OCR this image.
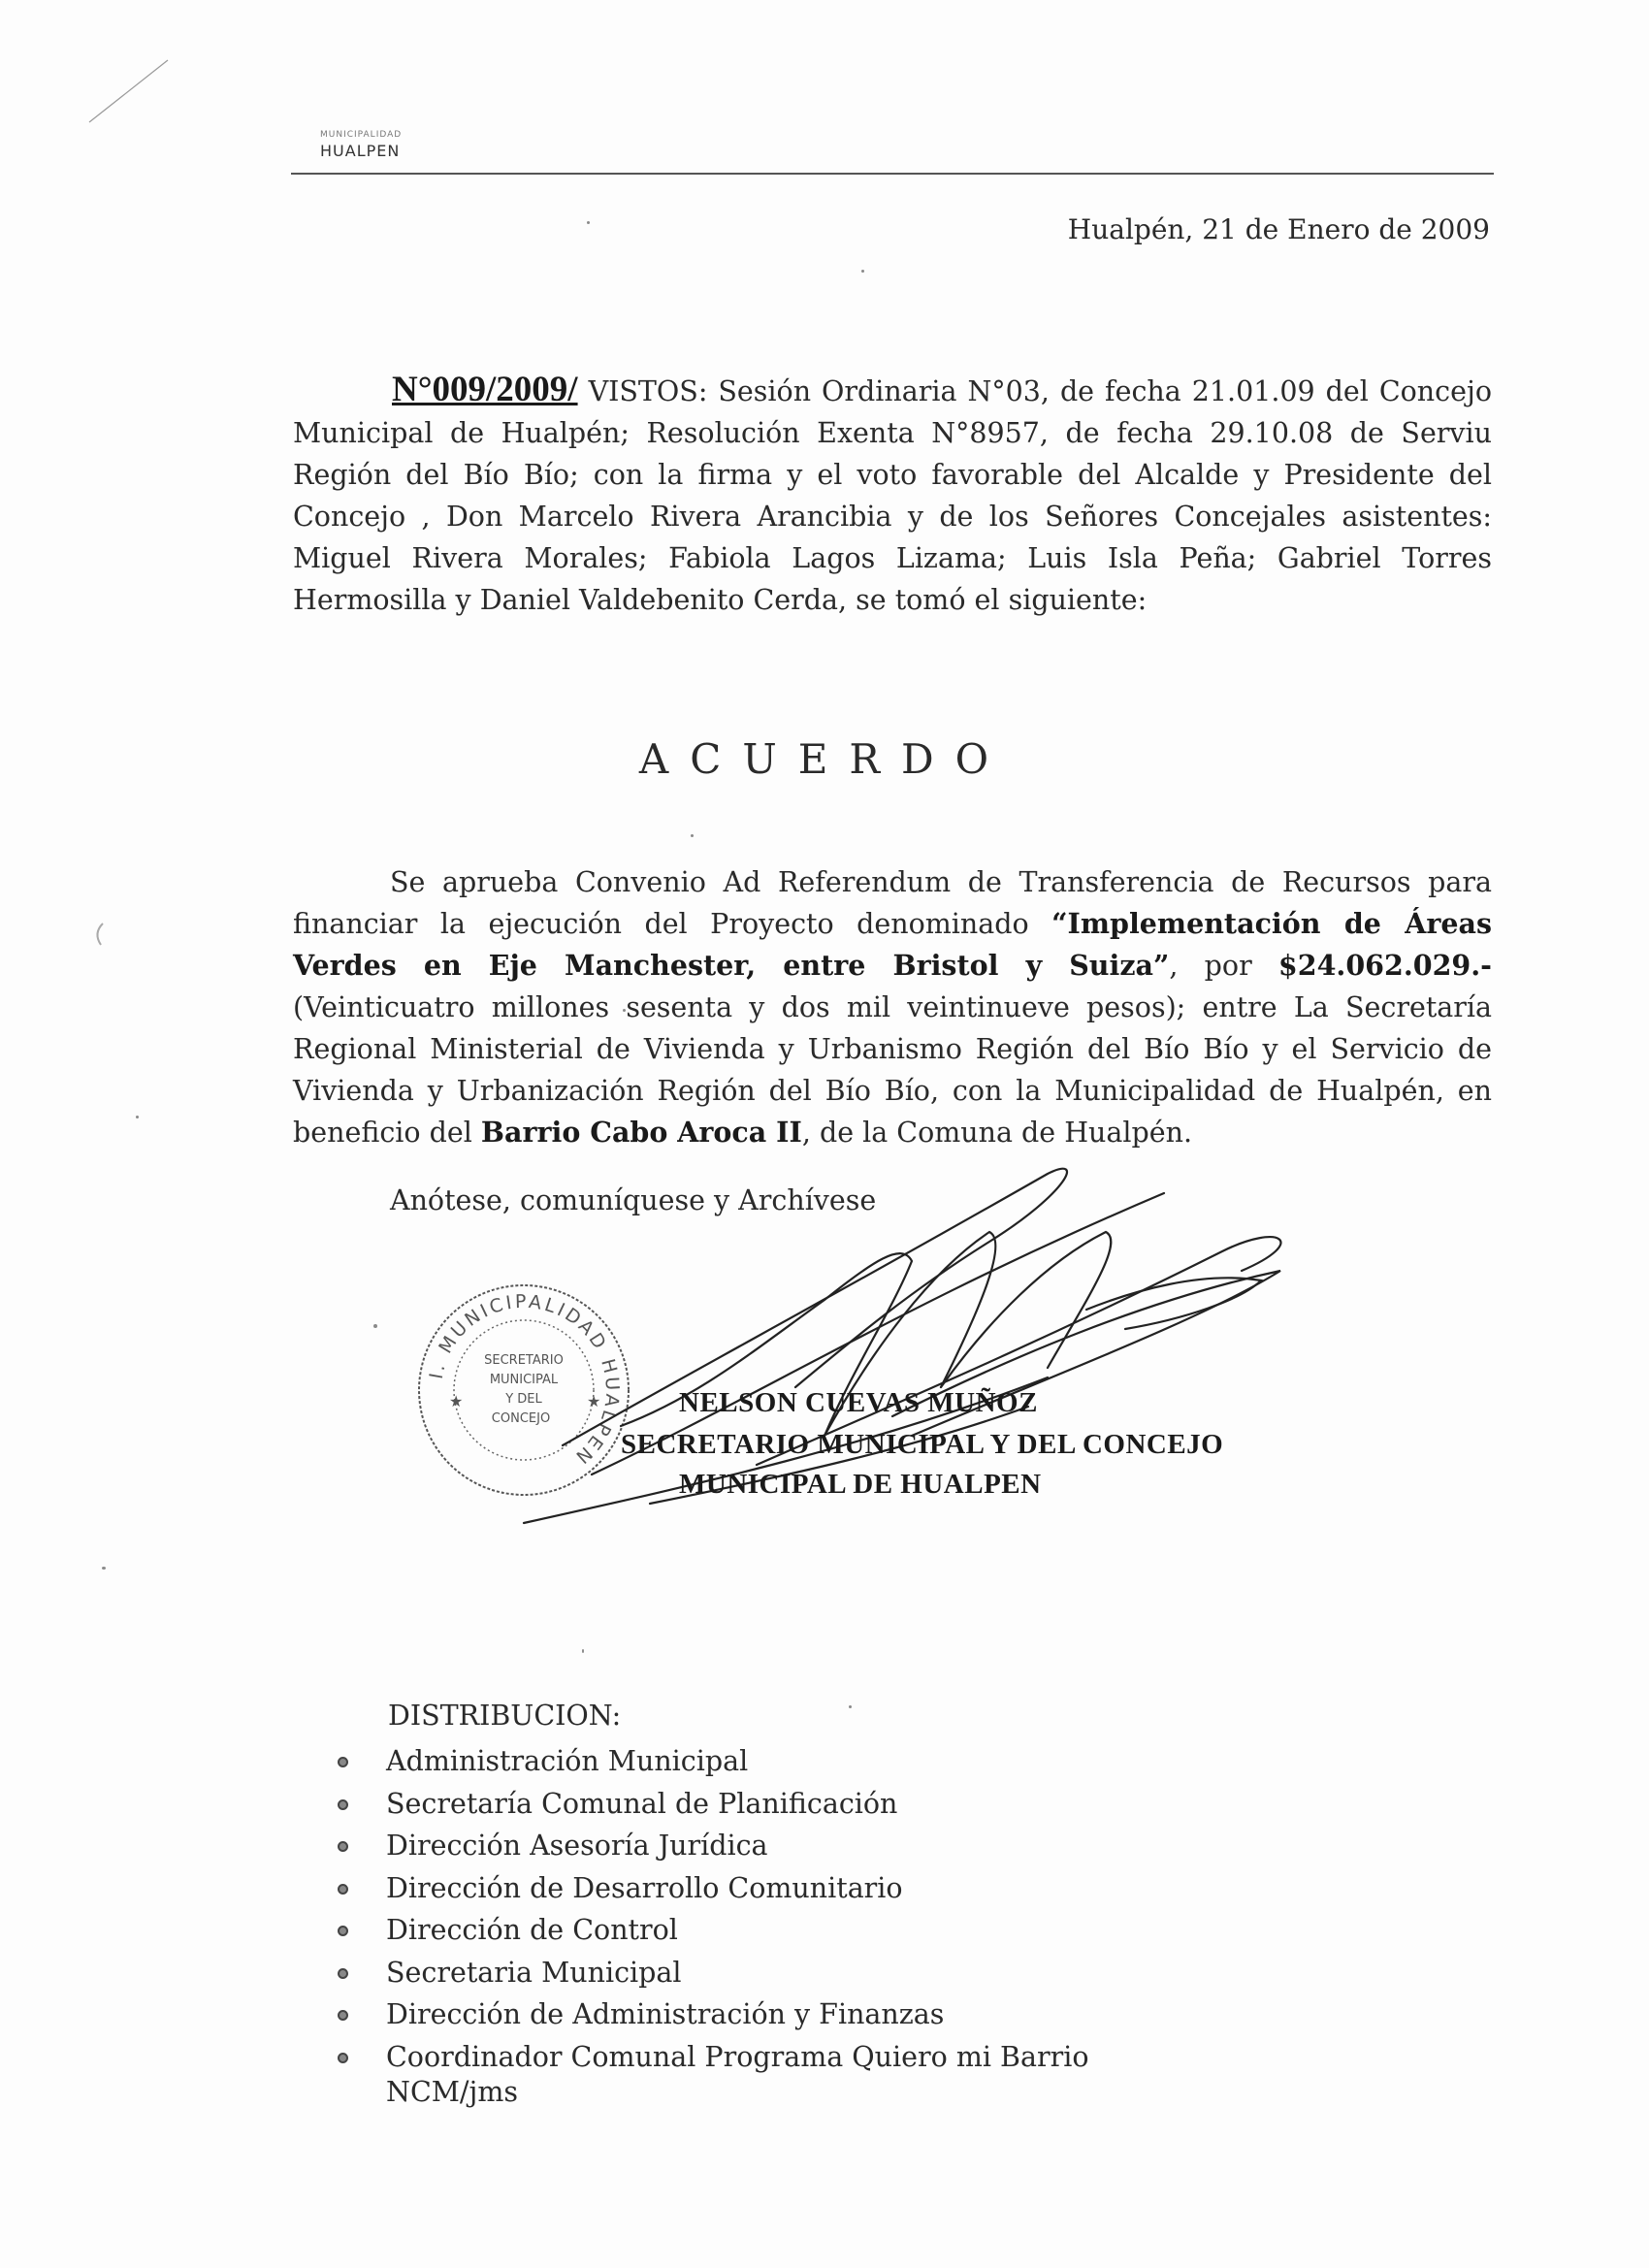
MUNICIPALIDAD
HUALPEN
Hualpén, 21 de Enero de 2009
N°009/2009/ VISTOS: Sesión Ordinaria N°03, de fecha 21.01.09 del Concejo Municipal de Hualpén; Resolución Exenta N°8957, de fecha 29.10.08 de Serviu Región del Bío Bío; con la firma y el voto favorable del Alcalde y Presidente del Concejo , Don Marcelo Rivera Arancibia y de los Señores Concejales asistentes: Miguel Rivera Morales; Fabiola Lagos Lizama; Luis Isla Peña; Gabriel Torres Hermosilla y Daniel Valdebenito Cerda, se tomó el siguiente:
ACUERDO
Se aprueba Convenio Ad Referendum de Transferencia de Recursos para financiar la ejecución del Proyecto denominado “Implementación de Áreas Verdes en Eje Manchester, entre Bristol y Suiza”, por $24.062.029.- (Veinticuatro millones sesenta y dos mil veintinueve pesos); entre La Secretaría Regional Ministerial de Vivienda y Urbanismo Región del Bío Bío y el Servicio de Vivienda y Urbanización Región del Bío Bío, con la Municipalidad de Hualpén, en beneficio del Barrio Cabo Aroca II, de la Comuna de Hualpén.
Anótese, comuníquese y Archívese
I. MUNICIPALIDAD HUALPEN
SECRETARIO
MUNICIPAL
Y DEL
CONCEJO
★	★	NELSON CUEVAS MUÑOZ
SECRETARIO MUNICIPAL Y DEL CONCEJO
MUNICIPAL DE HUALPEN
DISTRIBUCION:
Administración Municipal
Secretaría Comunal de Planificación
Dirección Asesoría Jurídica
Dirección de Desarrollo Comunitario
Dirección de Control
Secretaria Municipal
Dirección de Administración y Finanzas
Coordinador Comunal Programa Quiero mi Barrio
NCM/jms
